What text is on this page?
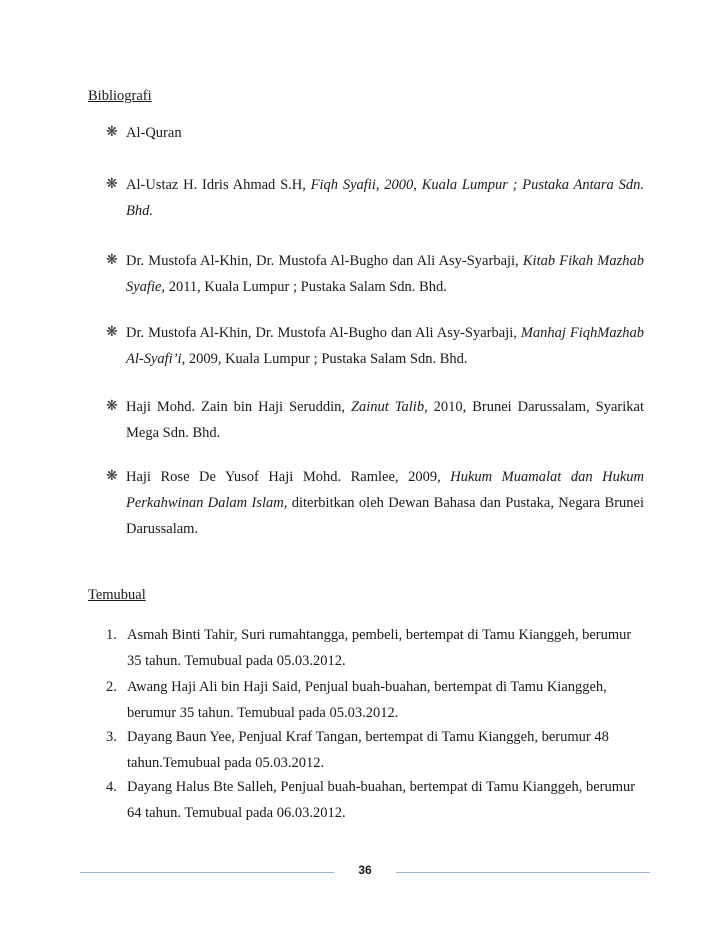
Bibliografi
❋ Al-Quran
❋ Al-Ustaz H. Idris Ahmad S.H, Fiqh Syafii, 2000, Kuala Lumpur ; Pustaka Antara Sdn. Bhd.
❋ Dr. Mustofa Al-Khin, Dr. Mustofa Al-Bugho dan Ali Asy-Syarbaji, Kitab Fikah Mazhab Syafie, 2011, Kuala Lumpur ; Pustaka Salam Sdn. Bhd.
❋ Dr. Mustofa Al-Khin, Dr. Mustofa Al-Bugho dan Ali Asy-Syarbaji, Manhaj FiqhMazhab Al-Syafi’i, 2009, Kuala Lumpur ; Pustaka Salam Sdn. Bhd.
❋ Haji Mohd. Zain bin Haji Seruddin, Zainut Talib, 2010, Brunei Darussalam, Syarikat Mega Sdn. Bhd.
❋ Haji Rose De Yusof Haji Mohd. Ramlee, 2009, Hukum Muamalat dan Hukum Perkahwinan Dalam Islam, diterbitkan oleh Dewan Bahasa dan Pustaka, Negara Brunei Darussalam.
Temubual
1. Asmah Binti Tahir, Suri rumahtangga, pembeli, bertempat di Tamu Kianggeh, berumur 35 tahun. Temubual pada 05.03.2012.
2. Awang Haji Ali bin Haji Said, Penjual buah-buahan, bertempat di Tamu Kianggeh, berumur 35 tahun. Temubual pada 05.03.2012.
3. Dayang Baun Yee, Penjual Kraf Tangan, bertempat di Tamu Kianggeh, berumur 48 tahun.Temubual pada 05.03.2012.
4. Dayang Halus Bte Salleh, Penjual buah-buahan, bertempat di Tamu Kianggeh, berumur 64 tahun. Temubual pada 06.03.2012.
36
